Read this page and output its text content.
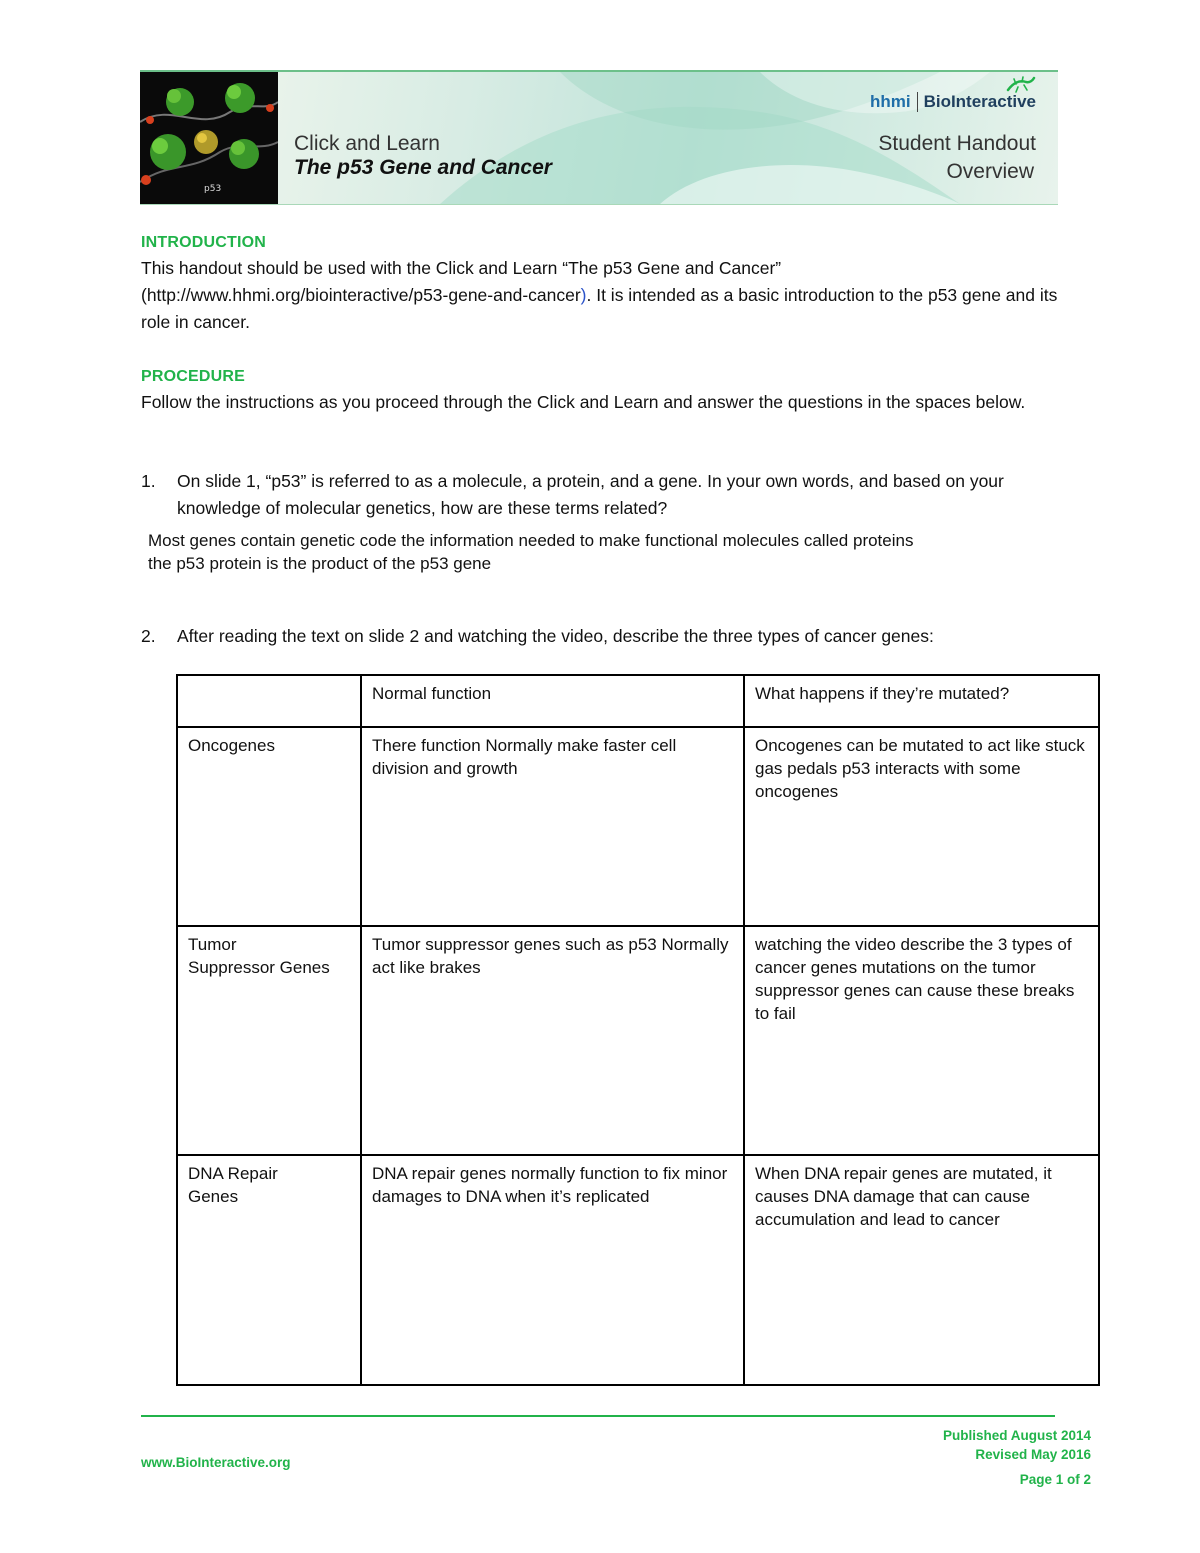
p53
Click and Learn
The p53 Gene and Cancer
hhmi BioInteractive
Student Handout
Overview
INTRODUCTION
This handout should be used with the Click and Learn “The p53 Gene and Cancer”
(http://www.hhmi.org/biointeractive/p53-gene-and-cancer). It is intended as a basic introduction to the p53 gene and its role in cancer.
PROCEDURE
Follow the instructions as you proceed through the Click and Learn and answer the questions in the spaces below.
1. On slide 1, “p53” is referred to as a molecule, a protein, and a gene. In your own words, and based on your knowledge of molecular genetics, how are these terms related?
Most genes contain genetic code the information needed to make functional molecules called proteins
the p53 protein is the product of the p53 gene
2. After reading the text on slide 2 and watching the video, describe the three types of cancer genes:
	Normal function	What happens if they’re mutated?

Oncogenes	There function Normally make faster cell division and growth	Oncogenes can be mutated to act like stuck gas pedals p53 interacts with some oncogenes

Tumor
Suppressor Genes	Tumor suppressor genes such as p53 Normally act like brakes	watching the video describe the 3 types of cancer genes mutations on the tumor suppressor genes can cause these breaks to fail

DNA Repair
Genes	DNA repair genes normally function to fix minor damages to DNA when it’s replicated	When DNA repair genes are mutated, it causes DNA damage that can cause accumulation and lead to cancer
www.BioInteractive.org
Published August 2014
Revised May 2016
Page 1 of 2
